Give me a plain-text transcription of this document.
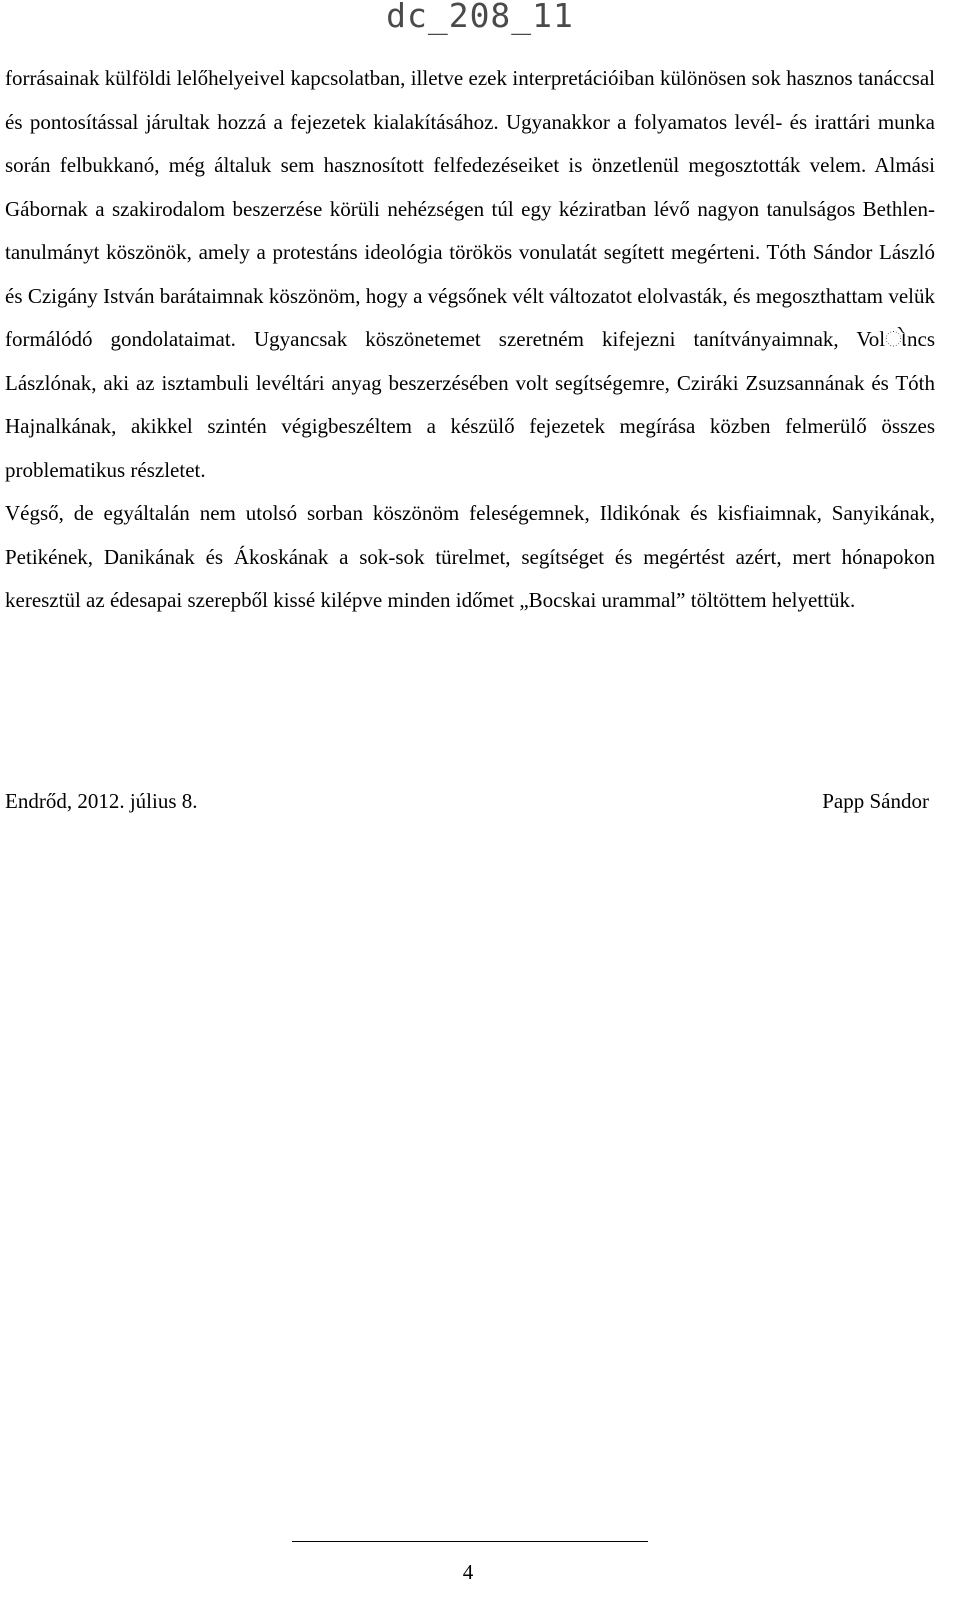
dc_208_11

forrásainak külföldi lelőhelyeivel kapcsolatban, illetve ezek interpretációiban különösen sok hasznos tanáccsal és pontosítással járultak hozzá a fejezetek kialakításához. Ugyanakkor a folyamatos levél- és irattári munka során felbukkanó, még általuk sem hasznosított felfedezéseiket is önzetlenül megosztották velem. Almási Gábornak a szakirodalom beszerzése körüli nehézségen túl egy kéziratban lévő nagyon tanulságos Bethlen-tanulmányt köszönök, amely a protestáns ideológia törökös vonulatát segített megérteni. Tóth Sándor László és Czigány István barátaimnak köszönöm, hogy a végsőnek vélt változatot elolvasták, és megoszthattam velük formálódó gondolataimat. Ugyancsak köszönetemet szeretném kifejezni tanítványaimnak, Volોncs Lászlónak, aki az isztambuli levéltári anyag beszerzésében volt segítségemre, Cziráki Zsuzsannának és Tóth Hajnalkának, akikkel szintén végigbeszéltem a készülő fejezetek megírása közben felmerülő összes problematikus részletet.

Végső, de egyáltalán nem utolsó sorban köszönöm feleségemnek, Ildikónak és kisfiaimnak, Sanyikának, Petikének, Danikának és Ákoskának a sok-sok türelmet, segítséget és megértést azért, mert hónapokon keresztül az édesapai szerepből kissé kilépve minden időmet „Bocskai urammal” töltöttem helyettük.

Endrőd, 2012. július 8.	Papp Sándor
4
